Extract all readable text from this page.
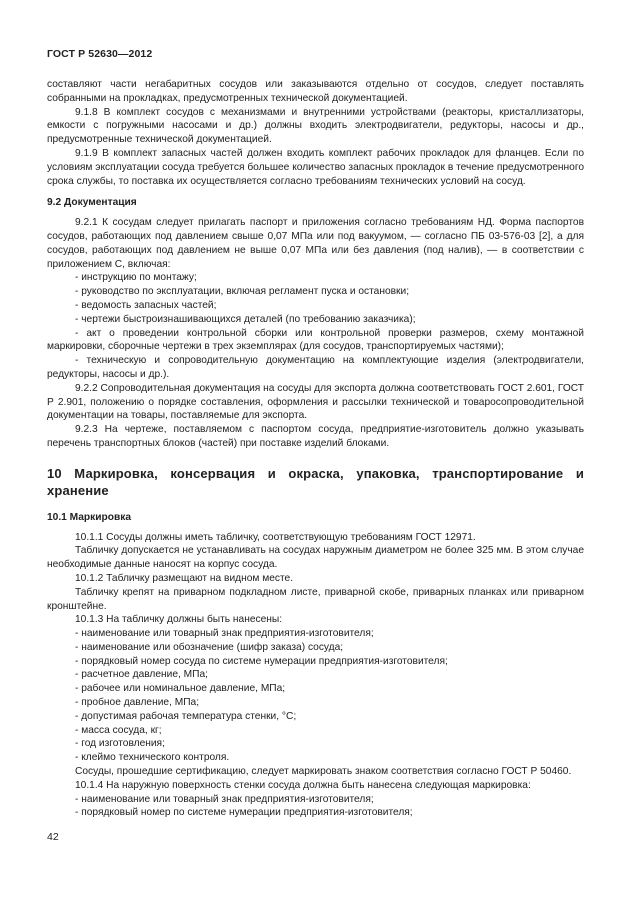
ГОСТ Р 52630—2012

составляют части негабаритных сосудов или заказываются отдельно от сосудов, следует поставлять собранными на прокладках, предусмотренных технической документацией.

9.1.8 В комплект сосудов с механизмами и внутренними устройствами (реакторы, кристаллизаторы, емкости с погружными насосами и др.) должны входить электродвигатели, редукторы, насосы и др., предусмотренные технической документацией.

9.1.9 В комплект запасных частей должен входить комплект рабочих прокладок для фланцев. Если по условиям эксплуатации сосуда требуется большее количество запасных прокладок в течение предусмотренного срока службы, то поставка их осуществляется согласно требованиям технических условий на сосуд.

9.2 Документация

9.2.1 К сосудам следует прилагать паспорт и приложения согласно требованиям НД. Форма паспортов сосудов, работающих под давлением свыше 0,07 МПа или под вакуумом, — согласно ПБ 03-576-03 [2], а для сосудов, работающих под давлением не выше 0,07 МПа или без давления (под налив), — в соответствии с приложением С, включая:

- инструкцию по монтажу;

- руководство по эксплуатации, включая регламент пуска и остановки;

- ведомость запасных частей;

- чертежи быстроизнашивающихся деталей (по требованию заказчика);

- акт о проведении контрольной сборки или контрольной проверки размеров, схему монтажной маркировки, сборочные чертежи в трех экземплярах (для сосудов, транспортируемых частями);

- техническую и сопроводительную документацию на комплектующие изделия (электродвигатели, редукторы, насосы и др.).

9.2.2 Сопроводительная документация на сосуды для экспорта должна соответствовать ГОСТ 2.601, ГОСТ Р 2.901, положению о порядке составления, оформления и рассылки технической и товаросопроводительной документации на товары, поставляемые для экспорта.

9.2.3 На чертеже, поставляемом с паспортом сосуда, предприятие-изготовитель должно указывать перечень транспортных блоков (частей) при поставке изделий блоками.

10 Маркировка, консервация и окраска, упаковка, транспортирование и хранение

10.1 Маркировка

10.1.1 Сосуды должны иметь табличку, соответствующую требованиям ГОСТ 12971.

Табличку допускается не устанавливать на сосудах наружным диаметром не более 325 мм. В этом случае необходимые данные наносят на корпус сосуда.

10.1.2 Табличку размещают на видном месте.

Табличку крепят на приварном подкладном листе, приварной скобе, приварных планках или приварном кронштейне.

10.1.3 На табличку должны быть нанесены:

- наименование или товарный знак предприятия-изготовителя;

- наименование или обозначение (шифр заказа) сосуда;

- порядковый номер сосуда по системе нумерации предприятия-изготовителя;

- расчетное давление, МПа;

- рабочее или номинальное давление, МПа;

- пробное давление, МПа;

- допустимая рабочая температура стенки, °С;

- масса сосуда, кг;

- год изготовления;

- клеймо технического контроля.

Сосуды, прошедшие сертификацию, следует маркировать знаком соответствия согласно ГОСТ Р 50460.

10.1.4 На наружную поверхность стенки сосуда должна быть нанесена следующая маркировка:

- наименование или товарный знак предприятия-изготовителя;

- порядковый номер по системе нумерации предприятия-изготовителя;

42
